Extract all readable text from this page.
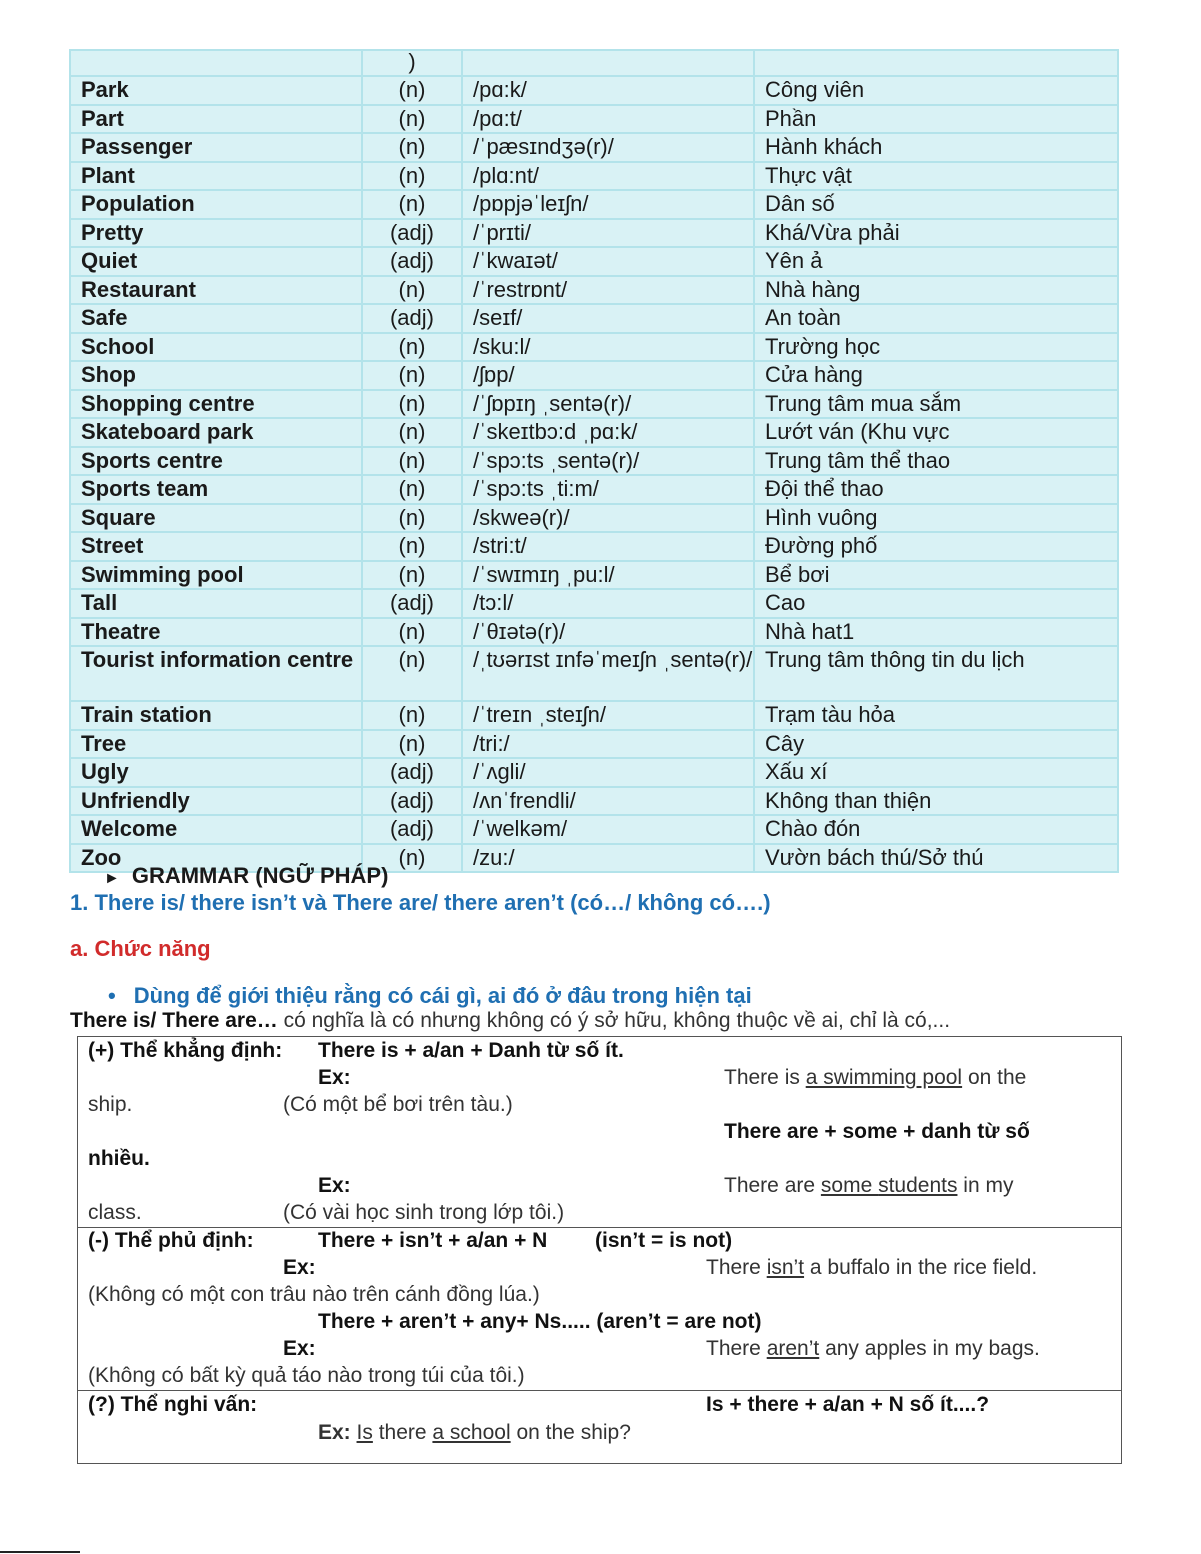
	)		
Park	(n)	/pɑ:k/	Công viên
Part	(n)	/pɑ:t/	Phần
Passenger	(n)	/ˈpæsɪndʒə(r)/	Hành khách
Plant	(n)	/plɑ:nt/	Thực vật
Population	(n)	/pɒpjəˈleɪʃn/	Dân số
Pretty	(adj)	/ˈprɪti/	Khá/Vừa phải
Quiet	(adj)	/ˈkwaɪət/	Yên ả
Restaurant	(n)	/ˈrestrɒnt/	Nhà hàng
Safe	(adj)	/seɪf/	An toàn
School	(n)	/sku:l/	Trường học
Shop	(n)	/ʃɒp/	Cửa hàng
Shopping centre	(n)	/ˈʃɒpɪŋ ˌsentə(r)/	Trung tâm mua sắm
Skateboard park	(n)	/ˈskeɪtbɔ:d ˌpɑ:k/	Lướt ván (Khu vực
Sports centre	(n)	/ˈspɔ:ts ˌsentə(r)/	Trung tâm thể thao
Sports team	(n)	/ˈspɔ:ts ˌti:m/	Đội thể thao
Square	(n)	/skweə(r)/	Hình vuông
Street	(n)	/stri:t/	Đường phố
Swimming pool	(n)	/ˈswɪmɪŋ ˌpu:l/	Bể bơi
Tall	(adj)	/tɔ:l/	Cao
Theatre	(n)	/ˈθɪətə(r)/	Nhà hat1
Tourist information centre	(n)	/ˌtʊərɪst ɪnfəˈmeɪʃn ˌsentə(r)/	Trung tâm thông tin du lịch
Train station	(n)	/ˈtreɪn ˌsteɪʃn/	Trạm tàu hỏa
Tree	(n)	/tri:/	Cây
Ugly	(adj)	/ˈʌgli/	Xấu xí
Unfriendly	(adj)	/ʌnˈfrendli/	Không than thiện
Welcome	(adj)	/ˈwelkəm/	Chào đón
Zoo	(n)	/zu:/	Vườn bách thú/Sở thú
► GRAMMAR (NGỮ PHÁP)
1. There is/ there isn’t và There are/ there aren’t (có…/ không có….)
a. Chức năng
• Dùng để giới thiệu rằng có cái gì, ai đó ở đâu trong hiện tại
There is/ There are… có nghĩa là có nhưng không có ý sở hữu, không thuộc về ai, chỉ là có,...
(+) Thể khẳng định: There is + a/an + Danh từ số ít.
Ex:	There is a swimming pool on the
ship.	(Có một bể bơi trên tàu.)
There are + some + danh từ số
nhiều.
Ex:	There are some students in my
class.	(Có vài học sinh trong lớp tôi.)
(-) Thể phủ định:	There + isn’t + a/an + N (isn’t = is not)
Ex:	There isn’t a buffalo in the rice field.
(Không có một con trâu nào trên cánh đồng lúa.)
There + aren’t + any+ Ns..... (aren’t = are not)
Ex:	There aren’t any apples in my bags.
(Không có bất kỳ quả táo nào trong túi của tôi.)
(?) Thể nghi vấn:	Is + there + a/an + N số ít....?
Ex: Is there a school on the ship?
